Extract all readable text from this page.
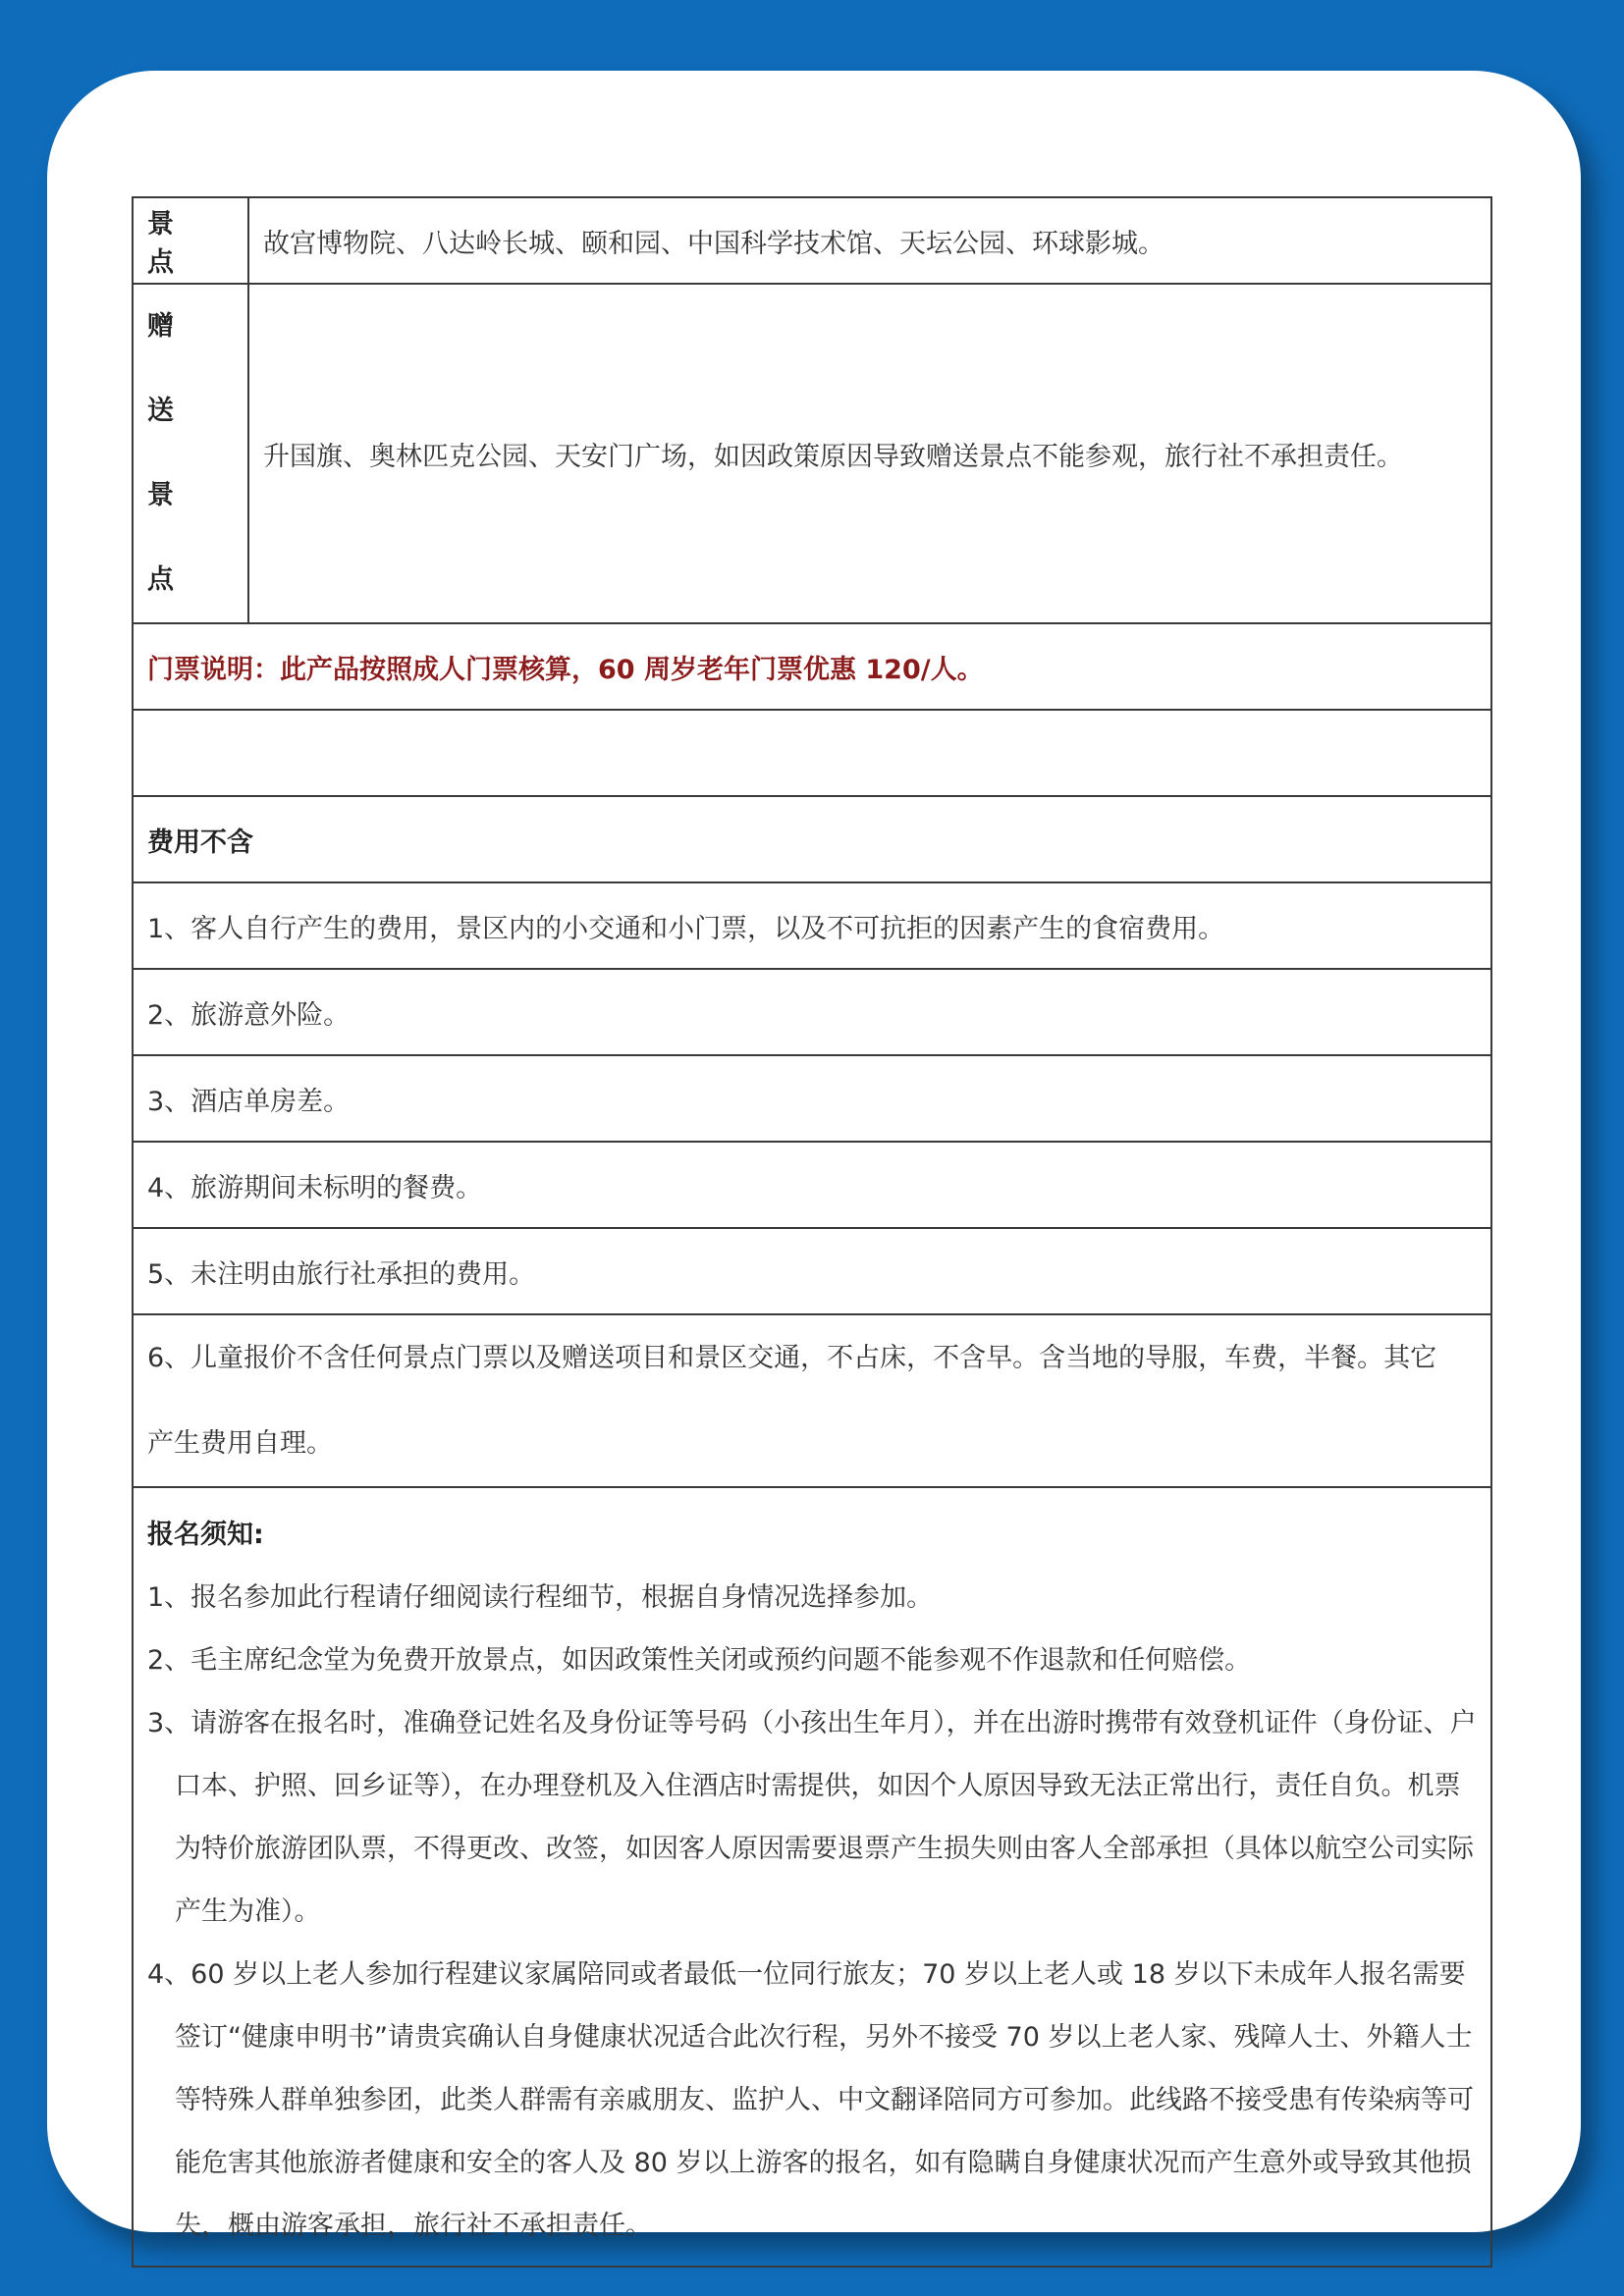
景 点	故宫博物院、八达岭长城、颐和园、中国科学技术馆、天坛公园、环球影城。

赠 送
景 点	升国旗、奥林匹克公园、天安门广场，如因政策原因导致赠送景点不能参观，旅行社不承担责任。
门票说明：此产品按照成人门票核算，60 周岁老年门票优惠 120/人。	

费用不含	
1、客人自行产生的费用，景区内的小交通和小门票，以及不可抗拒的因素产生的食宿费用。	
2、旅游意外险。	
3、酒店单房差。	
4、旅游期间未标明的餐费。	
5、未注明由旅行社承担的费用。	

6、儿童报价不含任何景点门票以及赠送项目和景区交通，不占床，不含早。含当地的导服，车费，半餐。其它
产生费用自理。	

报名须知:
1、报名参加此行程请仔细阅读行程细节，根据自身情况选择参加。
2、毛主席纪念堂为免费开放景点，如因政策性关闭或预约问题不能参观不作退款和任何赔偿。
3、请游客在报名时，准确登记姓名及身份证等号码（小孩出生年月），并在出游时携带有效登机证件（身份证、户口本、护照、回乡证等），在办理登机及入住酒店时需提供，如因个人原因导致无法正常出行，责任自负。机票为特价旅游团队票，不得更改、改签，如因客人原因需要退票产生损失则由客人全部承担（具体以航空公司实际产生为准）。
4、60 岁以上老人参加行程建议家属陪同或者最低一位同行旅友；70 岁以上老人或 18 岁以下未成年人报名需要签订“健康申明书”请贵宾确认自身健康状况适合此次行程，另外不接受 70 岁以上老人家、残障人士、外籍人士等特殊人群单独参团，此类人群需有亲戚朋友、监护人、中文翻译陪同方可参加。此线路不接受患有传染病等可能危害其他旅游者健康和安全的客人及 80 岁以上游客的报名，如有隐瞒自身健康状况而产生意外或导致其他损失，概由游客承担，旅行社不承担责任。	
